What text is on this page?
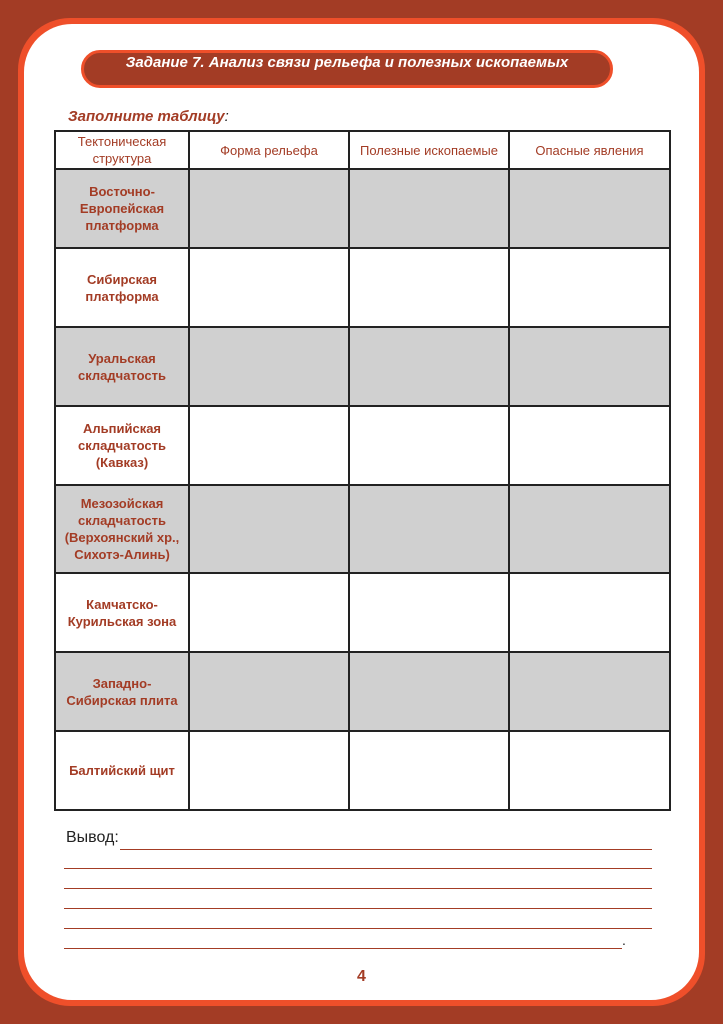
Задание 7. Анализ связи рельефа и полезных ископаемых
Заполните таблицу:
Тектоническая структура	Форма рельефа	Полезные ископаемые	Опасные явления
Восточно-Европейская платформа			
Сибирская платформа			
Уральская складчатость			
Альпийская складчатость (Кавказ)			
Мезозойская складчатость (Верхоянский хр., Сихотэ-Алинь)			
Камчатско-Курильская зона			
Западно-Сибирская плита			
Балтийский щит			
Вывод:
.
4
